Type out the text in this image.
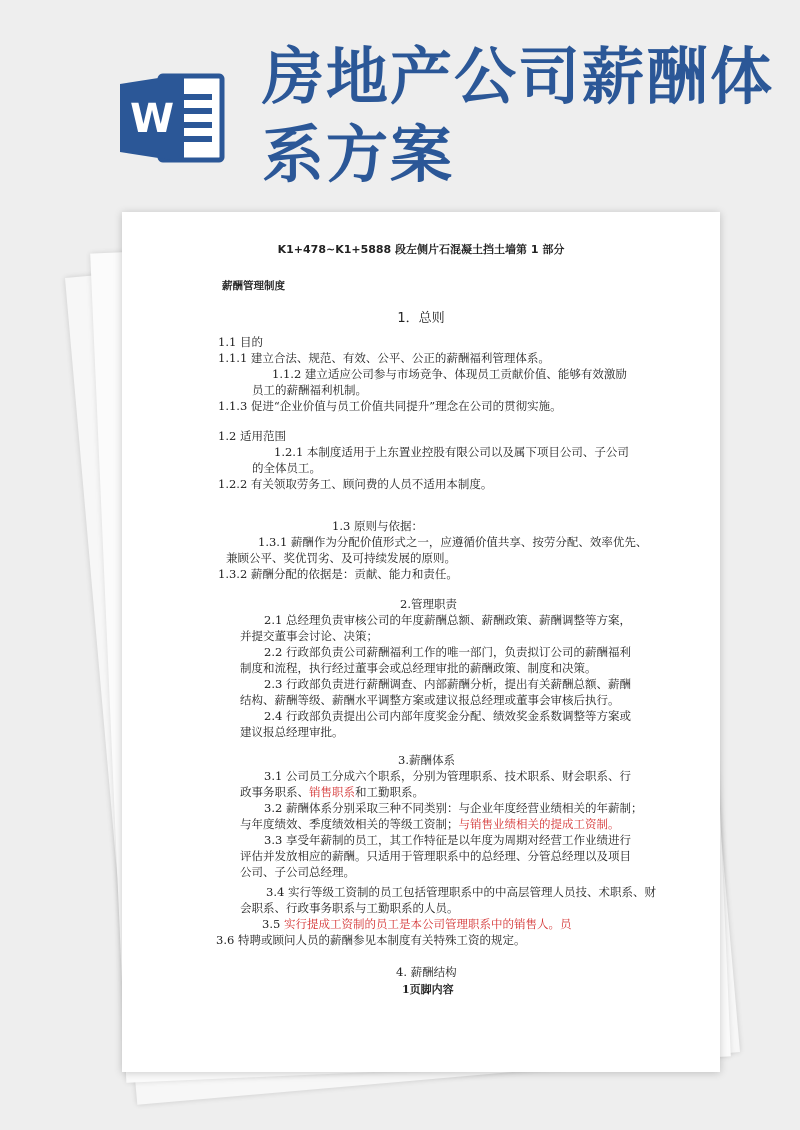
W
房地产公司薪酬体
系方案
K1+478~K1+5888 段左侧片石混凝土挡土墙第 1 部分
薪酬管理制度
1．总则
1.1 目的
1.1.1 建立合法、规范、有效、公平、公正的薪酬福利管理体系。
1.1.2 建立适应公司参与市场竞争、体现员工贡献价值、能够有效激励
员工的薪酬福利机制。
1.1.3 促进“企业价值与员工价值共同提升”理念在公司的贯彻实施。
1.2 适用范围
1.2.1 本制度适用于上东置业控股有限公司以及属下项目公司、子公司
的全体员工。
1.2.2 有关领取劳务工、顾问费的人员不适用本制度。
1.3 原则与依据：
1.3.1 薪酬作为分配价值形式之一，应遵循价值共享、按劳分配、效率优先、
兼顾公平、奖优罚劣、及可持续发展的原则。
1.3.2 薪酬分配的依据是：贡献、能力和责任。
2.管理职责
2.1 总经理负责审核公司的年度薪酬总额、薪酬政策、薪酬调整等方案，
并提交董事会讨论、决策；
2.2 行政部负责公司薪酬福利工作的唯一部门，负责拟订公司的薪酬福利
制度和流程，执行经过董事会或总经理审批的薪酬政策、制度和决策。
2.3 行政部负责进行薪酬调查、内部薪酬分析，提出有关薪酬总额、薪酬
结构、薪酬等级、薪酬水平调整方案或建议报总经理或董事会审核后执行。
2.4 行政部负责提出公司内部年度奖金分配、绩效奖金系数调整等方案或
建议报总经理审批。
3.薪酬体系
3.1 公司员工分成六个职系，分别为管理职系、技术职系、财会职系、行
政事务职系、销售职系和工勤职系。
3.2 薪酬体系分别采取三种不同类别：与企业年度经营业绩相关的年薪制；
与年度绩效、季度绩效相关的等级工资制；与销售业绩相关的提成工资制。
3.3 享受年薪制的员工，其工作特征是以年度为周期对经营工作业绩进行
评估并发放相应的薪酬。只适用于管理职系中的总经理、分管总经理以及项目
公司、子公司总经理。
3.4 实行等级工资制的员工包括管理职系中的中高层管理人员技、术职系、财
会职系、行政事务职系与工勤职系的人员。
3.5 实行提成工资制的员工是本公司管理职系中的销售人。员
3.6 特聘或顾问人员的薪酬参见本制度有关特殊工资的规定。
4. 薪酬结构
1页脚内容
